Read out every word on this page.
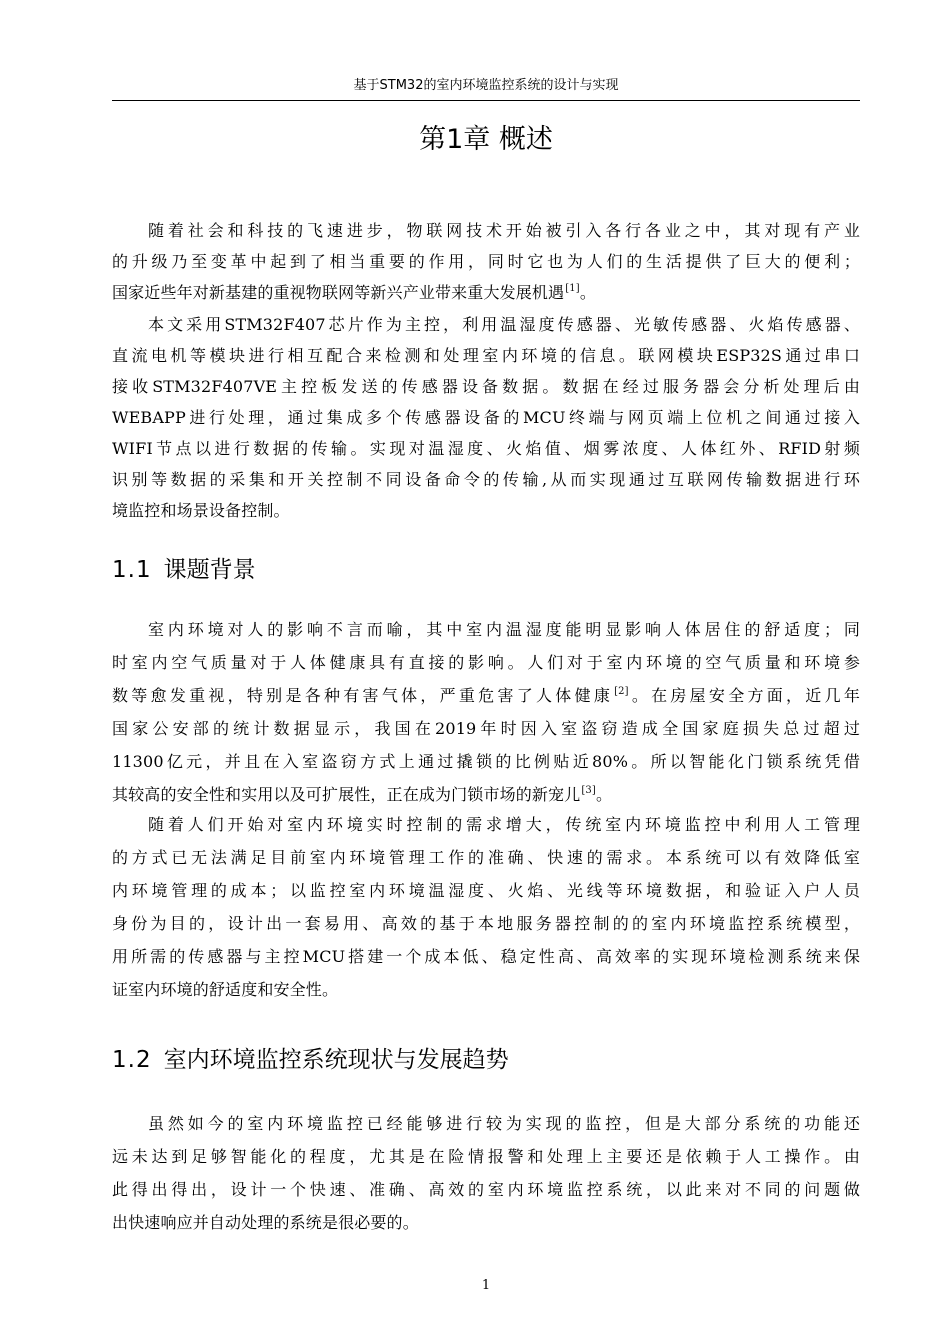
基于STM32的室内环境监控系统的设计与实现
第1章 概述
随着社会和科技的飞速进步，物联网技术开始被引入各行各业之中，其对现有产业
的升级乃至变革中起到了相当重要的作用，同时它也为人们的生活提供了巨大的便利；
国家近些年对新基建的重视物联网等新兴产业带来重大发展机遇[1]。
本文采用STM32F407芯片作为主控，利用温湿度传感器、光敏传感器、火焰传感器、
直流电机等模块进行相互配合来检测和处理室内环境的信息。联网模块ESP32S通过串口
接收STM32F407VE主控板发送的传感器设备数据。数据在经过服务器会分析处理后由
WEBAPP进行处理，通过集成多个传感器设备的MCU终端与网页端上位机之间通过接入
WIFI节点以进行数据的传输。实现对温湿度、火焰值、烟雾浓度、人体红外、RFID射频
识别等数据的采集和开关控制不同设备命令的传输,从而实现通过互联网传输数据进行环
境监控和场景设备控制。
1.1 课题背景
室内环境对人的影响不言而喻，其中室内温湿度能明显影响人体居住的舒适度；同
时室内空气质量对于人体健康具有直接的影响。人们对于室内环境的空气质量和环境参
数等愈发重视，特别是各种有害气体，严重危害了人体健康[2]。在房屋安全方面，近几年
国家公安部的统计数据显示，我国在2019年时因入室盗窃造成全国家庭损失总过超过
11300亿元，并且在入室盗窃方式上通过撬锁的比例贴近80%。所以智能化门锁系统凭借
其较高的安全性和实用以及可扩展性，正在成为门锁市场的新宠儿[3]。
随着人们开始对室内环境实时控制的需求增大，传统室内环境监控中利用人工管理
的方式已无法满足目前室内环境管理工作的准确、快速的需求。本系统可以有效降低室
内环境管理的成本；以监控室内环境温湿度、火焰、光线等环境数据，和验证入户人员
身份为目的，设计出一套易用、高效的基于本地服务器控制的的室内环境监控系统模型，
用所需的传感器与主控MCU搭建一个成本低、稳定性高、高效率的实现环境检测系统来保
证室内环境的舒适度和安全性。
1.2 室内环境监控系统现状与发展趋势
虽然如今的室内环境监控已经能够进行较为实现的监控，但是大部分系统的功能还
远未达到足够智能化的程度，尤其是在险情报警和处理上主要还是依赖于人工操作。由
此得出得出，设计一个快速、准确、高效的室内环境监控系统，以此来对不同的问题做
出快速响应并自动处理的系统是很必要的。
1
